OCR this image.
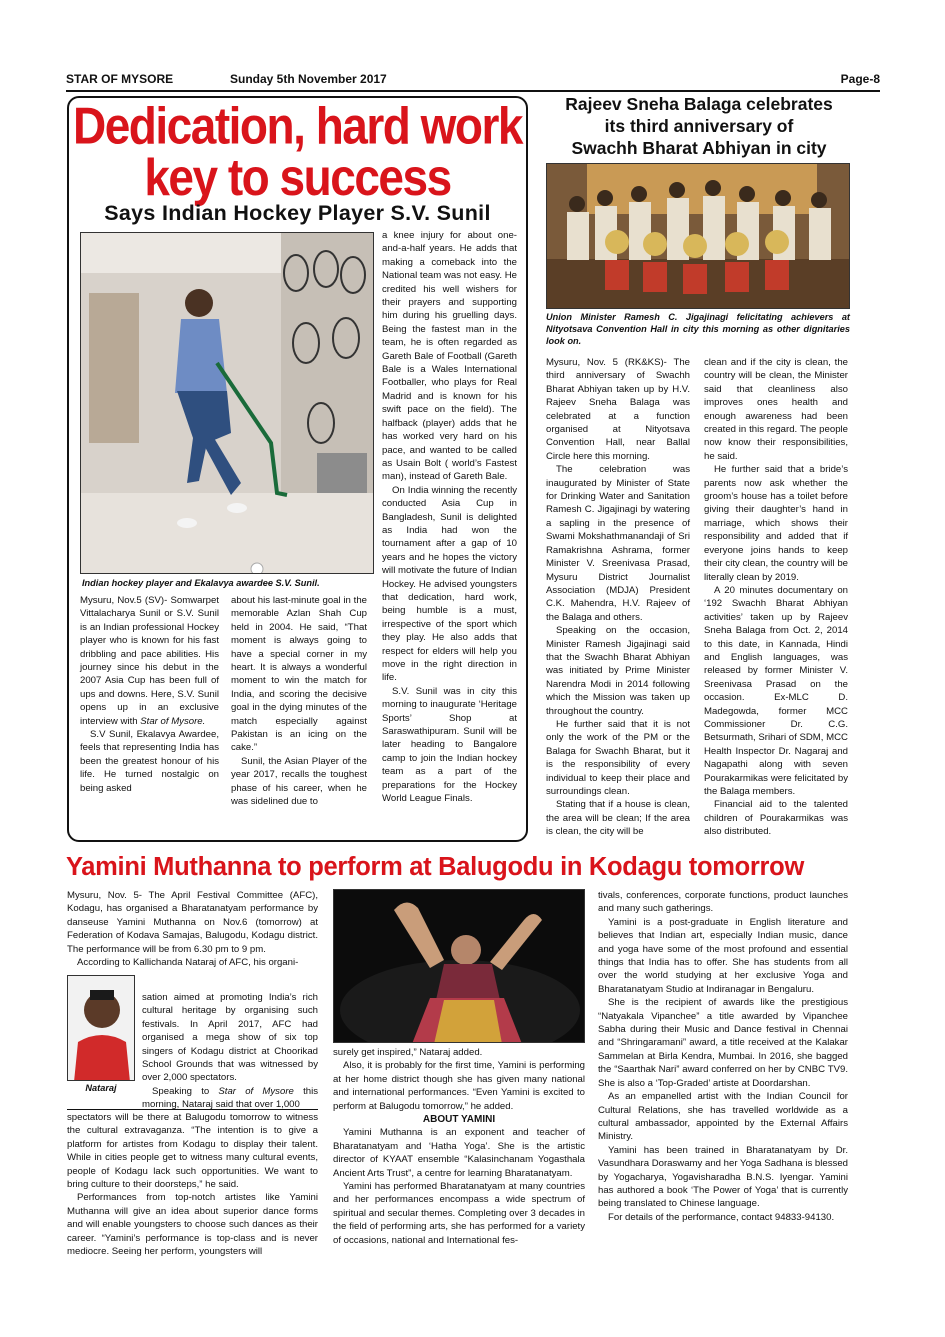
STAR OF MYSORE	Sunday 5th November 2017	Page-8
Dedication, hard work
key to success
Says Indian Hockey Player S.V. Sunil
Indian hockey player and Ekalavya awardee S.V. Sunil.

Mysuru, Nov.5 (SV)- Somwarpet Vittalacharya Sunil or S.V. Sunil is an Indian professional Hockey player who is known for his fast dribbling and pace abilities. His journey since his debut in the 2007 Asia Cup has been full of ups and downs. Here, S.V. Sunil opens up in an exclusive interview with Star of Mysore.

S.V Sunil, Ekalavya Awardee, feels that representing India has been the greatest honour of his life. He turned nostalgic on being asked

about his last-minute goal in the memorable Azlan Shah Cup held in 2004. He said, “That moment is always going to have a special corner in my heart. It is always a wonderful moment to win the match for India, and scoring the decisive goal in the dying minutes of the match especially against Pakistan is an icing on the cake.”

Sunil, the Asian Player of the year 2017, recalls the toughest phase of his career, when he was sidelined due to

a knee injury for about one-and-a-half years. He adds that making a comeback into the National team was not easy. He credited his well wishers for their prayers and supporting him during his gruelling days. Being the fastest man in the team, he is often regarded as Gareth Bale of Football (Gareth Bale is a Wales International Footballer, who plays for Real Madrid and is known for his swift pace on the field). The halfback (player) adds that he has worked very hard on his pace, and wanted to be called as Usain Bolt ( world’s Fastest man), instead of Gareth Bale.

On India winning the recently conducted Asia Cup in Bangladesh, Sunil is delighted as India had won the tournament after a gap of 10 years and he hopes the victory will motivate the future of Indian Hockey. He advised youngsters that dedication, hard work, being humble is a must, irrespective of the sport which they play. He also adds that respect for elders will help you move in the right direction in life.

S.V. Sunil was in city this morning to inaugurate ‘Heritage Sports’ Shop at Saraswathipuram. Sunil will be later heading to Bangalore camp to join the Indian hockey team as a part of the preparations for the Hockey World League Finals.

Rajeev Sneha Balaga celebrates
its third anniversary of
Swachh Bharat Abhiyan in city
Union Minister Ramesh C. Jigajinagi felicitating achievers at Nityotsava Convention Hall in city this morning as other dignitaries look on.

Mysuru, Nov. 5 (RK&KS)- The third anniversary of Swachh Bharat Abhiyan taken up by H.V. Rajeev Sneha Balaga was celebrated at a function organised at Nityotsava Convention Hall, near Ballal Circle here this morning.

The celebration was inaugurated by Minister of State for Drinking Water and Sanitation Ramesh C. Jigajinagi by watering a sapling in the presence of Swami Mokshathmanandaji of Sri Ramakrishna Ashrama, former Minister V. Sreenivasa Prasad, Mysuru District Journalist Association (MDJA) President C.K. Mahendra, H.V. Rajeev of the Balaga and others.

Speaking on the occasion, Minister Ramesh Jigajinagi said that the Swachh Bharat Abhiyan was initiated by Prime Minister Narendra Modi in 2014 following which the Mission was taken up throughout the country.

He further said that it is not only the work of the PM or the Balaga for Swachh Bharat, but it is the responsibility of every individual to keep their place and surroundings clean.

Stating that if a house is clean, the area will be clean; If the area is clean, the city will be

clean and if the city is clean, the country will be clean, the Minister said that cleanliness also improves ones health and enough awareness had been created in this regard. The people now know their responsibilities, he said.

He further said that a bride’s parents now ask whether the groom’s house has a toilet before giving their daughter’s hand in marriage, which shows their responsibility and added that if everyone joins hands to keep their city clean, the country will be literally clean by 2019.

A 20 minutes documentary on ‘192 Swachh Bharat Abhiyan activities’ taken up by Rajeev Sneha Balaga from Oct. 2, 2014 to this date, in Kannada, Hindi and English languages, was released by former Minister V. Sreenivasa Prasad on the occasion. Ex-MLC D. Madegowda, former MCC Commissioner Dr. C.G. Betsurmath, Srihari of SDM, MCC Health Inspector Dr. Nagaraj and Nagapathi along with seven Pourakarmikas were felicitated by the Balaga members.

Financial aid to the talented children of Pourakarmikas was also distributed.

Yamini Muthanna to perform at Balugodu in Kodagu tomorrow

Mysuru, Nov. 5- The April Festival Committee (AFC), Kodagu, has organised a Bharatanatyam performance by danseuse Yamini Muthanna on Nov.6 (tomorrow) at Federation of Kodava Samajas, Balugodu, Kodagu district. The performance will be from 6.30 pm to 9 pm.

According to Kallichanda Nataraj of AFC, his organi-

Nataraj

sation aimed at promoting India’s rich cultural heritage by organising such festivals. In April 2017, AFC had organised a mega show of six top singers of Kodagu district at Choorikad School Grounds that was witnessed by over 2,000 spectators.

Speaking to Star of Mysore this morning, Nataraj said that over 1,000

spectators will be there at Balugodu tomorrow to witness the cultural extravaganza. “The intention is to give a platform for artistes from Kodagu to display their talent. While in cities people get to witness many cultural events, people of Kodagu lack such opportunities. We want to bring culture to their doorsteps,” he said.

Performances from top-notch artistes like Yamini Muthanna will give an idea about superior dance forms and will enable youngsters to choose such dances as their career. “Yamini’s performance is top-class and is never mediocre. Seeing her perform, youngsters will

surely get inspired,” Nataraj added.

Also, it is probably for the first time, Yamini is performing at her home district though she has given many national and international performances. “Even Yamini is excited to perform at Balugodu tomorrow,” he added.

ABOUT YAMINI

Yamini Muthanna is an exponent and teacher of Bharatanatyam and ‘Hatha Yoga’. She is the artistic director of KYAAT ensemble “Kalasinchanam Yogasthala Ancient Arts Trust”, a centre for learning Bharatanatyam.

Yamini has performed Bharatanatyam at many countries and her performances encompass a wide spectrum of spiritual and secular themes. Completing over 3 decades in the field of performing arts, she has performed for a variety of occasions, national and International fes-

tivals, conferences, corporate functions, product launches and many such gatherings.

Yamini is a post-graduate in English literature and believes that Indian art, especially Indian music, dance and yoga have some of the most profound and essential things that India has to offer. She has students from all over the world studying at her exclusive Yoga and Bharatanatyam Studio at Indiranagar in Bengaluru.

She is the recipient of awards like the prestigious “Natyakala Vipanchee” a title awarded by Vipanchee Sabha during their Music and Dance festival in Chennai and “Shringaramani” award, a title received at the Kalakar Sammelan at Birla Kendra, Mumbai. In 2016, she bagged the “Saarthak Nari” award conferred on her by CNBC TV9. She is also a ‘Top-Graded’ artiste at Doordarshan.

As an empanelled artist with the Indian Council for Cultural Relations, she has travelled worldwide as a cultural ambassador, appointed by the External Affairs Ministry.

Yamini has been trained in Bharatanatyam by Dr. Vasundhara Doraswamy and her Yoga Sadhana is blessed by Yogacharya, Yogavisharadha B.N.S. Iyengar. Yamini has authored a book ‘The Power of Yoga’ that is currently being translated to Chinese language.

For details of the performance, contact 94833-94130.
